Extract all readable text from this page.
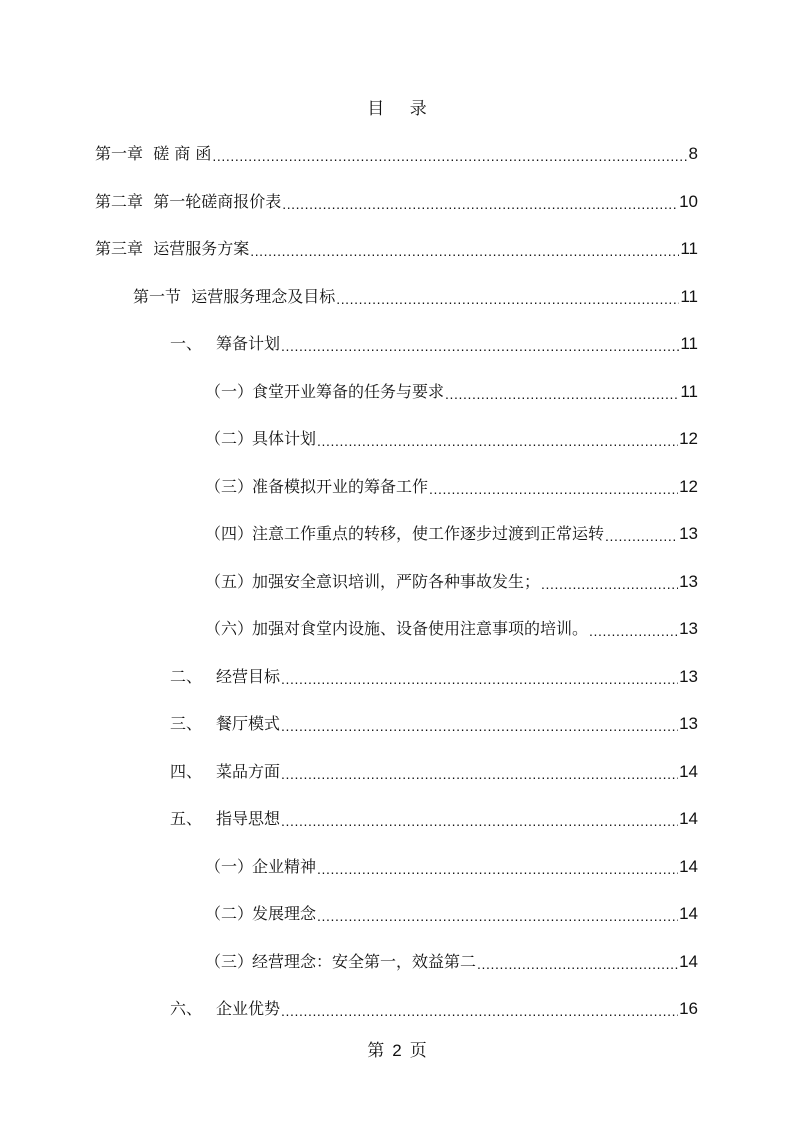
目 录
第一章 磋 商 函 .....	8
第二章 第一轮磋商报价表 .....	10
第三章 运营服务方案 .....	11
第一节 运营服务理念及目标 .....	11
一、 筹备计划 .....	11
（一）食堂开业筹备的任务与要求 .....	11
（二）具体计划 .....	12
（三）准备模拟开业的筹备工作 .....	12
（四）注意工作重点的转移，使工作逐步过渡到正常运转 .....	13
（五）加强安全意识培训，严防各种事故发生； .....	13
（六）加强对食堂内设施、设备使用注意事项的培训。 .....	13
二、 经营目标 .....	13
三、 餐厅模式 .....	13
四、 菜品方面 .....	14
五、 指导思想 .....	14
（一）企业精神 .....	14
（二）发展理念 .....	14
（三）经营理念：安全第一，效益第二 .....	14
六、 企业优势 .....	16
第 2 页
